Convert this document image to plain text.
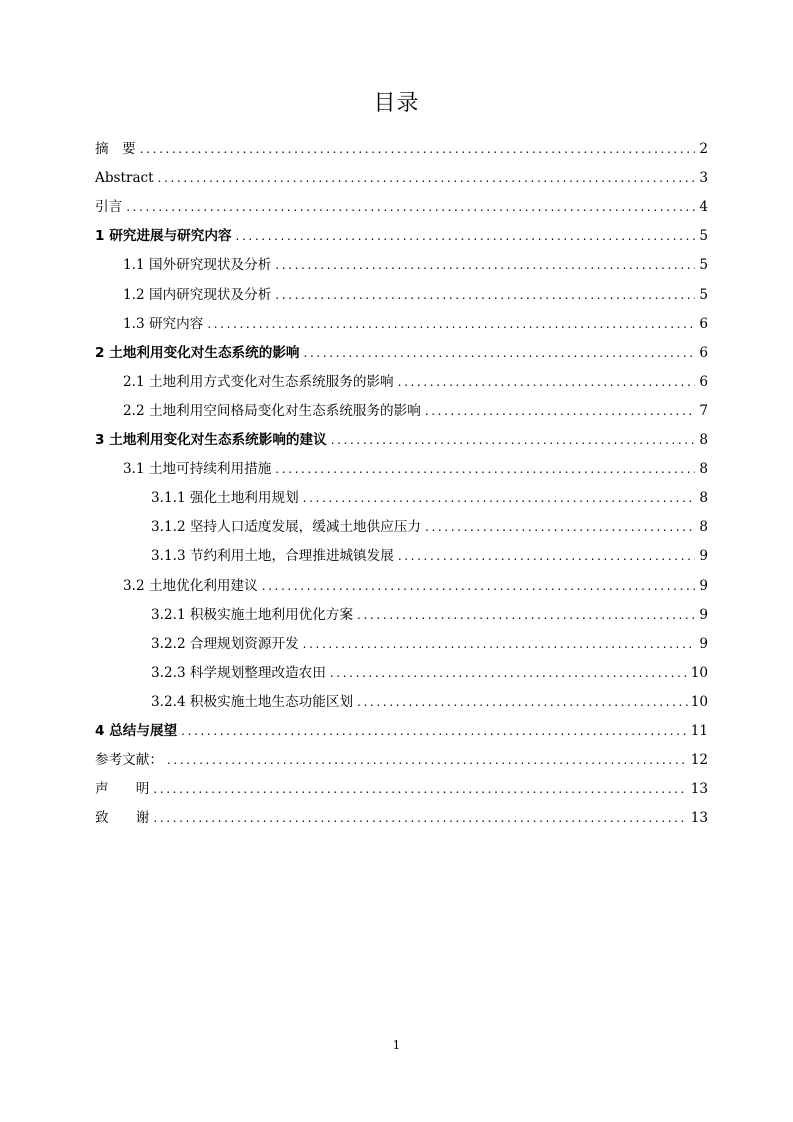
目录
摘　要 . . .	2
Abstract . . .	3
引言 . . .	4
1 研究进展与研究内容 . . .	5
1.1 国外研究现状及分析 . . .	5
1.2 国内研究现状及分析 . . .	5
1.3 研究内容 . . .	6
2 土地利用变化对生态系统的影响 . . .	6
2.1 土地利用方式变化对生态系统服务的影响 . . .	6
2.2 土地利用空间格局变化对生态系统服务的影响 . . .	7
3 土地利用变化对生态系统影响的建议 . . .	8
3.1 土地可持续利用措施 . . .	8
3.1.1 强化土地利用规划 . . .	8
3.1.2 坚持人口适度发展，缓减土地供应压力 . . .	8
3.1.3 节约利用土地，合理推进城镇发展 . . .	9
3.2 土地优化利用建议 . . .	9
3.2.1 积极实施土地利用优化方案 . . .	9
3.2.2 合理规划资源开发 . . .	9
3.2.3 科学规划整理改造农田 . . .	10
3.2.4 积极实施土地生态功能区划 . . .	10
4 总结与展望 . . .	11
参考文献： . . .	12
声　　明 . . .	13
致　　谢 . . .	13
1
